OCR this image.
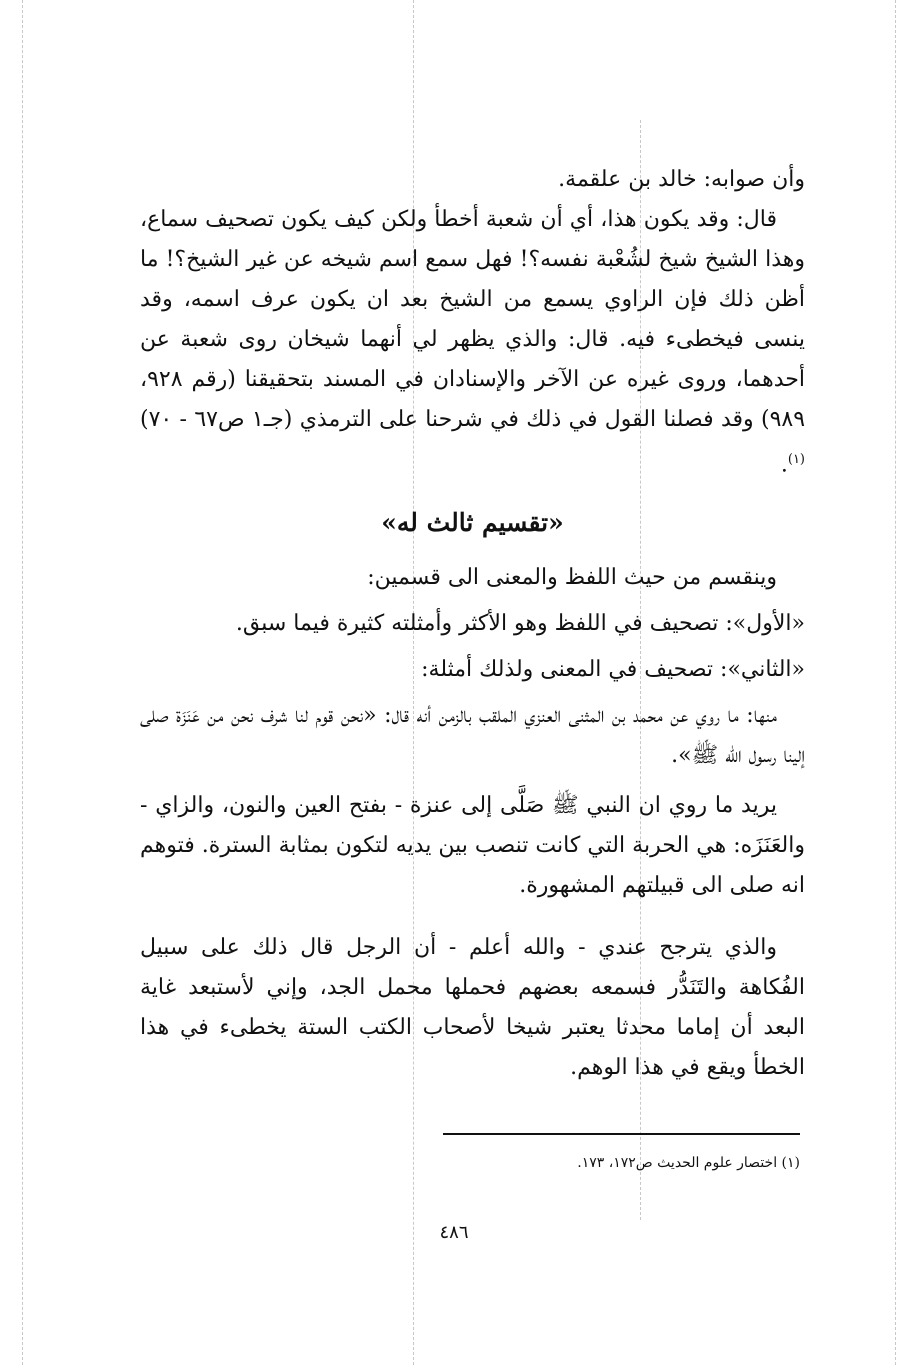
وأن صوابه: خالد بن علقمة.

قال: وقد يكون هذا، أي أن شعبة أخطأ ولكن كيف يكون تصحيف سماع، وهذا الشيخ شيخ لشُعْبة نفسه؟! فهل سمع اسم شيخه عن غير الشيخ؟! ما أظن ذلك فإن الراوي يسمع من الشيخ بعد ان يكون عرف اسمه، وقد ينسى فيخطىء فيه. قال: والذي يظهر لي أنهما شيخان روى شعبة عن أحدهما، وروى غيره عن الآخر والإسنادان في المسند بتحقيقنا (رقم ٩٢٨، ٩٨٩) وقد فصلنا القول في ذلك في شرحنا على الترمذي (جـ١ ص٦٧ - ٧٠)$^{(١)}$.

«تقسيم ثالث له»

وينقسم من حيث اللفظ والمعنى الى قسمين:

«الأول»: تصحيف في اللفظ وهو الأكثر وأمثلته كثيرة فيما سبق.

«الثاني»: تصحيف في المعنى ولذلك أمثلة:

منها: ما روي عن محمد بن المثنى العنزي الملقب بالزمن أنه قال: «نحن قوم لنا شرف نحن من عَنَزَة صلى إلينا رسول الله ﷺ».

يريد ما روي ان النبي ﷺ صَلَّى إلى عنزة - بفتح العين والنون، والزاي - والعَنَزَه: هي الحربة التي كانت تنصب بين يديه لتكون بمثابة السترة. فتوهم انه صلى الى قبيلتهم المشهورة.

والذي يترجح عندي - والله أعلم - أن الرجل قال ذلك على سبيل الفُكاهة والتَنَدُّر فسمعه بعضهم فحملها محمل الجد، وإني لأستبعد غاية البعد أن إماما محدثا يعتبر شيخا لأصحاب الكتب الستة يخطىء في هذا الخطأ ويقع في هذا الوهم.

(١) اختصار علوم الحديث ص١٧٢، ١٧٣.
٤٨٦
